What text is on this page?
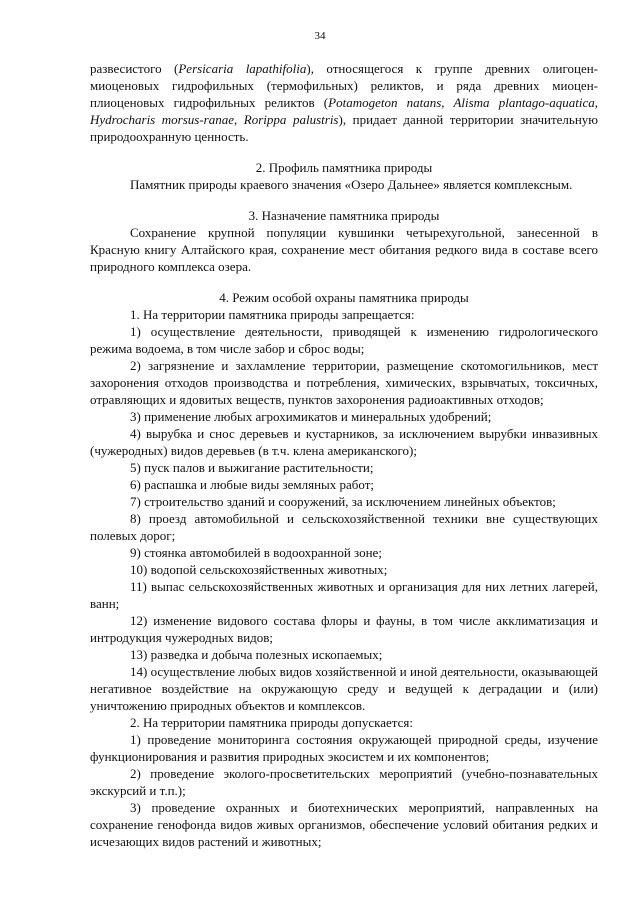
34

развесистого (Persicaria lapathifolia), относящегося к группе древних олигоцен-миоценовых гидрофильных (термофильных) реликтов, и ряда древних миоцен-плиоценовых гидрофильных реликтов (Potamogeton natans, Alisma plantago-aquatica, Hydrocharis morsus-ranae, Rorippa palustris), придает данной территории значительную природоохранную ценность.

2. Профиль памятника природы

Памятник природы краевого значения «Озеро Дальнее» является комплексным.

3. Назначение памятника природы

Сохранение крупной популяции кувшинки четырехугольной, занесенной в Красную книгу Алтайского края, сохранение мест обитания редкого вида в составе всего природного комплекса озера.

4. Режим особой охраны памятника природы

1. На территории памятника природы запрещается:

1) осуществление деятельности, приводящей к изменению гидрологического режима водоема, в том числе забор и сброс воды;

2) загрязнение и захламление территории, размещение скотомогильников, мест захоронения отходов производства и потребления, химических, взрывчатых, токсичных, отравляющих и ядовитых веществ, пунктов захоронения радиоактивных отходов;

3) применение любых агрохимикатов и минеральных удобрений;

4) вырубка и снос деревьев и кустарников, за исключением вырубки инвазивных (чужеродных) видов деревьев (в т.ч. клена американского);

5) пуск палов и выжигание растительности;

6) распашка и любые виды земляных работ;

7) строительство зданий и сооружений, за исключением линейных объектов;

8) проезд автомобильной и сельскохозяйственной техники вне существующих полевых дорог;

9) стоянка автомобилей в водоохранной зоне;

10) водопой сельскохозяйственных животных;

11) выпас сельскохозяйственных животных и организация для них летних лагерей, ванн;

12) изменение видового состава флоры и фауны, в том числе акклиматизация и интродукция чужеродных видов;

13) разведка и добыча полезных ископаемых;

14) осуществление любых видов хозяйственной и иной деятельности, оказывающей негативное воздействие на окружающую среду и ведущей к деградации и (или) уничтожению природных объектов и комплексов.

2. На территории памятника природы допускается:

1) проведение мониторинга состояния окружающей природной среды, изучение функционирования и развития природных экосистем и их компонентов;

2) проведение эколого-просветительских мероприятий (учебно-познавательных экскурсий и т.п.);

3) проведение охранных и биотехнических мероприятий, направленных на сохранение генофонда видов живых организмов, обеспечение условий обитания редких и исчезающих видов растений и животных;
